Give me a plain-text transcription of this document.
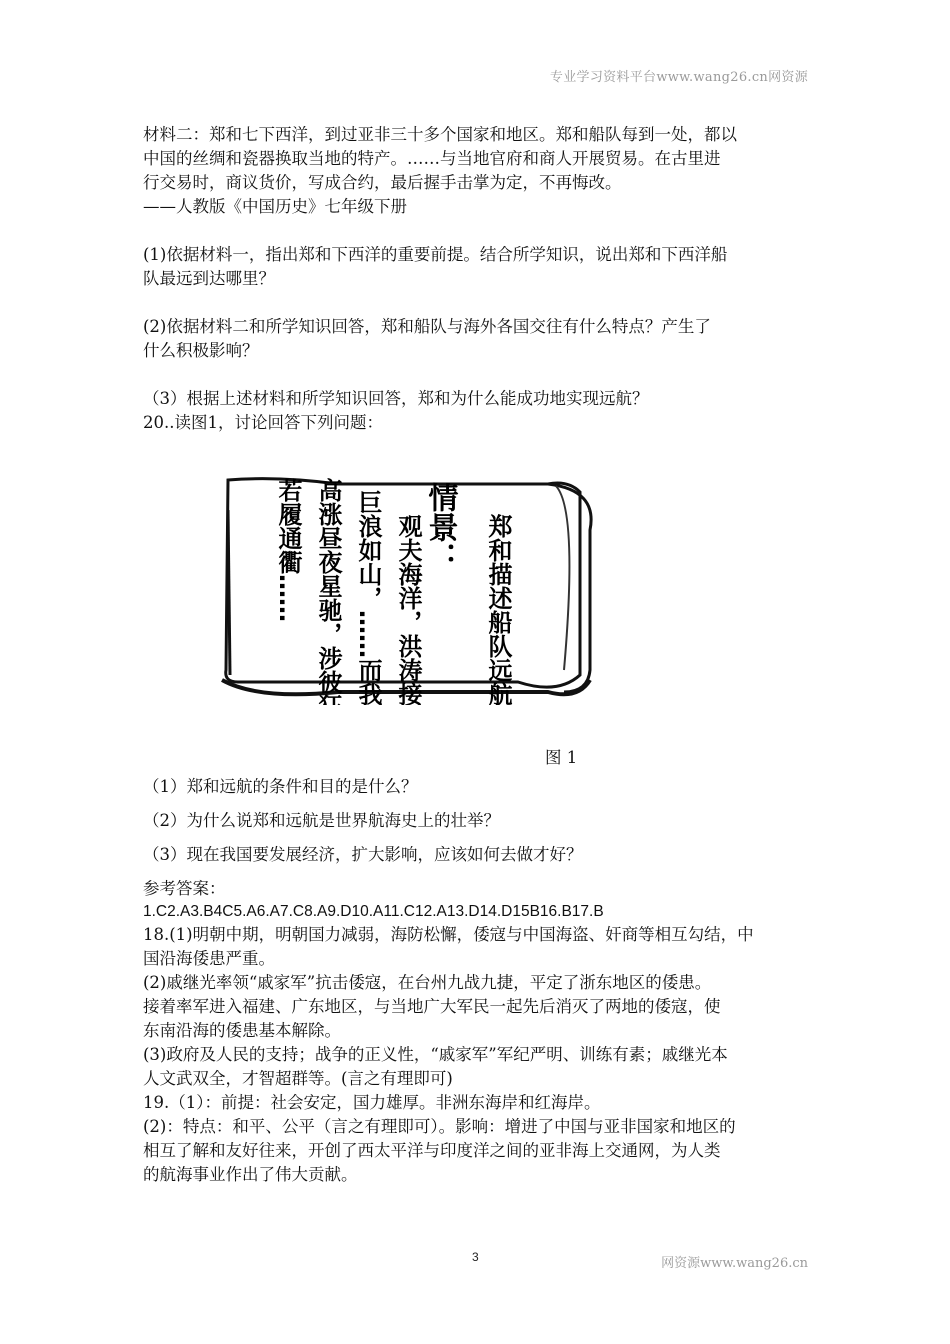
专业学习资料平台www.wang26.cn网资源

材料二：郑和七下西洋，到过亚非三十多个国家和地区。郑和船队每到一处，都以

中国的丝绸和瓷器换取当地的特产。……与当地官府和商人开展贸易。在古里进

行交易时，商议货价，写成合约，最后握手击掌为定，不再悔改。

——人教版《中国历史》七年级下册

(1)依据材料一，指出郑和下西洋的重要前提。结合所学知识，说出郑和下西洋船

队最远到达哪里？

(2)依据材料二和所学知识回答，郑和船队与海外各国交往有什么特点？产生了

什么积极影响？

（3）根据上述材料和所学知识回答，郑和为什么能成功地实现远航？

20..读图1，讨论回答下列问题：

情景： 郑和描述船队远航的
观夫海洋，洪涛接天，
巨浪如山，……而我之云帆
高涨昼夜星驰，涉彼狂澜，
若履通衢……
图 1

（1）郑和远航的条件和目的是什么？

（2）为什么说郑和远航是世界航海史上的壮举？

（3）现在我国要发展经济，扩大影响，应该如何去做才好？

参考答案：

1.C2.A3.B4C5.A6.A7.C8.A9.D10.A11.C12.A13.D14.D15B16.B17.B

18.(1)明朝中期，明朝国力减弱，海防松懈，倭寇与中国海盗、奸商等相互勾结，中

国沿海倭患严重。

(2)戚继光率领“戚家军”抗击倭寇，在台州九战九捷，平定了浙东地区的倭患。

接着率军进入福建、广东地区，与当地广大军民一起先后消灭了两地的倭寇，使

东南沿海的倭患基本解除。

(3)政府及人民的支持；战争的正义性，“戚家军”军纪严明、训练有素；戚继光本

人文武双全，才智超群等。(言之有理即可)

19.（1）：前提：社会安定，国力雄厚。非洲东海岸和红海岸。

(2)：特点：和平、公平（言之有理即可）。影响：增进了中国与亚非国家和地区的

相互了解和友好往来，开创了西太平洋与印度洋之间的亚非海上交通网，为人类

的航海事业作出了伟大贡献。

3	网资源www.wang26.cn
